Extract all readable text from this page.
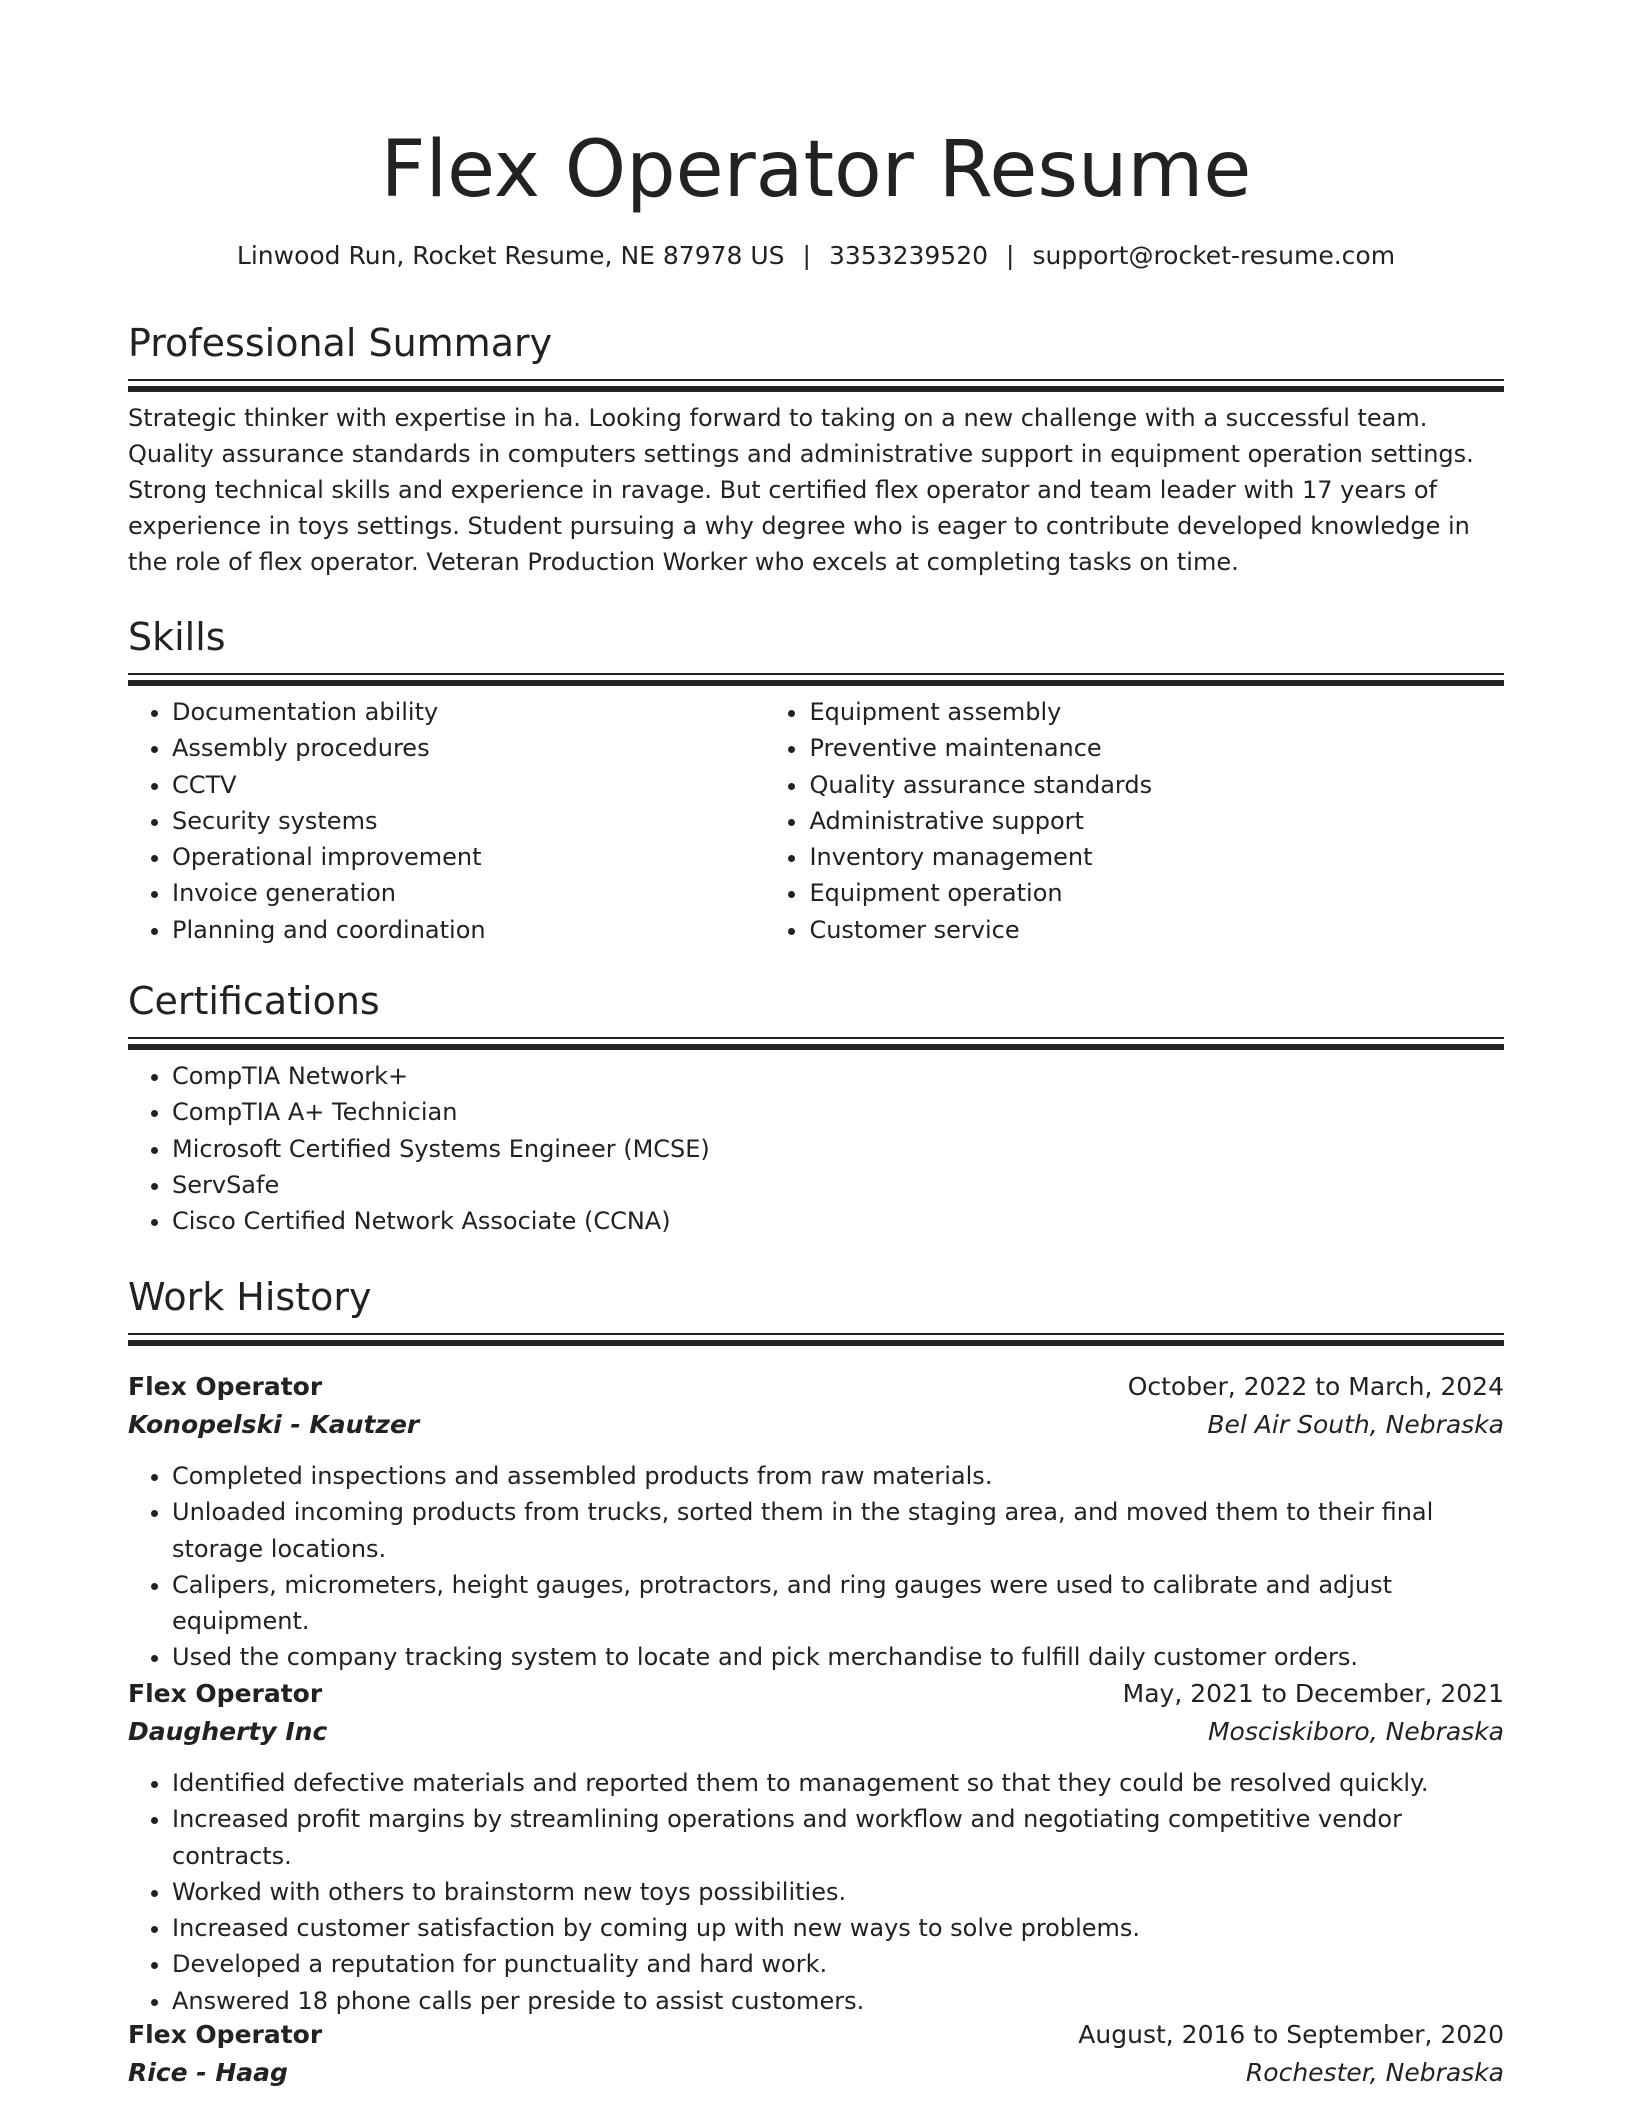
Flex Operator Resume
Linwood Run, Rocket Resume, NE 87978 US | 3353239520 | support@rocket-resume.com
Professional Summary

Strategic thinker with expertise in ha. Looking forward to taking on a new challenge with a successful team. Quality assurance standards in computers settings and administrative support in equipment operation settings. Strong technical skills and experience in ravage. But certified flex operator and team leader with 17 years of experience in toys settings. Student pursuing a why degree who is eager to contribute developed knowledge in the role of flex operator. Veteran Production Worker who excels at completing tasks on time.

Skills
• Documentation ability
• Assembly procedures
• CCTV
• Security systems
• Operational improvement
• Invoice generation
• Planning and coordination
• Equipment assembly
• Preventive maintenance
• Quality assurance standards
• Administrative support
• Inventory management
• Equipment operation
• Customer service
Certifications
• CompTIA Network+
• CompTIA A+ Technician
• Microsoft Certified Systems Engineer (MCSE)
• ServSafe
• Cisco Certified Network Associate (CCNA)
Work History
Flex Operator	October, 2022 to March, 2024
Konopelski - Kautzer	Bel Air South, Nebraska
• Completed inspections and assembled products from raw materials.
• Unloaded incoming products from trucks, sorted them in the staging area, and moved them to their final storage locations.
• Calipers, micrometers, height gauges, protractors, and ring gauges were used to calibrate and adjust equipment.
• Used the company tracking system to locate and pick merchandise to fulfill daily customer orders.
Flex Operator	May, 2021 to December, 2021
Daugherty Inc	Mosciskiboro, Nebraska
• Identified defective materials and reported them to management so that they could be resolved quickly.
• Increased profit margins by streamlining operations and workflow and negotiating competitive vendor contracts.
• Worked with others to brainstorm new toys possibilities.
• Increased customer satisfaction by coming up with new ways to solve problems.
• Developed a reputation for punctuality and hard work.
• Answered 18 phone calls per preside to assist customers.
Flex Operator	August, 2016 to September, 2020
Rice - Haag	Rochester, Nebraska
